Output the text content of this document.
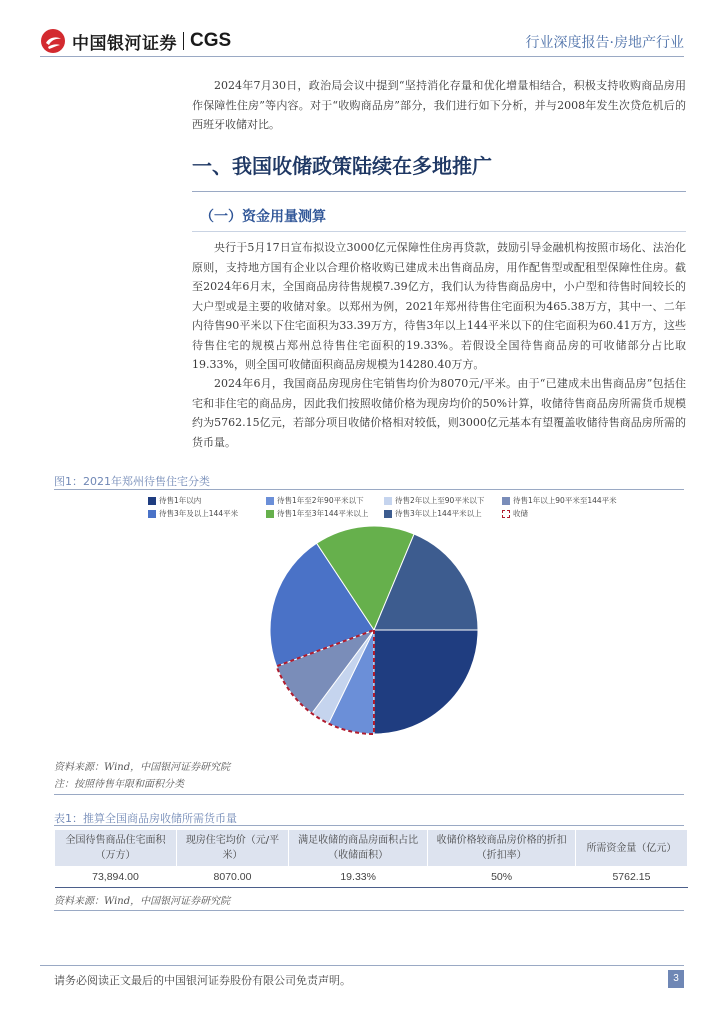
中国银河证券 CGS	行业深度报告·房地产行业
2024年7月30日，政治局会议中提到“坚持消化存量和优化增量相结合，积极支持收购商品房用作保障性住房”等内容。对于“收购商品房”部分，我们进行如下分析，并与2008年发生次贷危机后的西班牙收储对比。
一、我国收储政策陆续在多地推广
（一）资金用量测算
央行于5月17日宣布拟设立3000亿元保障性住房再贷款，鼓励引导金融机构按照市场化、法治化原则，支持地方国有企业以合理价格收购已建成未出售商品房，用作配售型或配租型保障性住房。截至2024年6月末，全国商品房待售规模7.39亿方，我们认为待售商品房中，小户型和待售时间较长的大户型或是主要的收储对象。以郑州为例，2021年郑州待售住宅面积为465.38万方，其中一、二年内待售90平米以下住宅面积为33.39万方，待售3年以上144平米以下的住宅面积为60.41万方，这些待售住宅的规模占郑州总待售住宅面积的19.33%。若假设全国待售商品房的可收储部分占比取19.33%，则全国可收储面积商品房规模为14280.40万方。
2024年6月，我国商品房现房住宅销售均价为8070元/平米。由于“已建成未出售商品房”包括住宅和非住宅的商品房，因此我们按照收储价格为现房均价的50%计算，收储待售商品房所需货币规模约为5762.15亿元，若部分项目收储价格相对较低，则3000亿元基本有望覆盖收储待售商品房所需的货币量。
图1：2021年郑州待售住宅分类
待售1年以内	待售1年至2年90平米以下	待售2年以上至90平米以下	待售1年以上90平米至144平米
待售3年及以上144平米	待售1年至3年144平米以上	待售3年以上144平米以上	收储
资料来源：Wind，中国银河证券研究院
注：按照待售年限和面积分类
表1：推算全国商品房收储所需货币量
全国待售商品住宅面积（万方）	现房住宅均价（元/平米）	满足收储的商品房面积占比（收储面积）	收储价格较商品房价格的折扣（折扣率）	所需资金量（亿元）
73,894.00	8070.00	19.33%	50%	5762.15
资料来源：Wind，中国银河证券研究院
请务必阅读正文最后的中国银河证券股份有限公司免责声明。	3
